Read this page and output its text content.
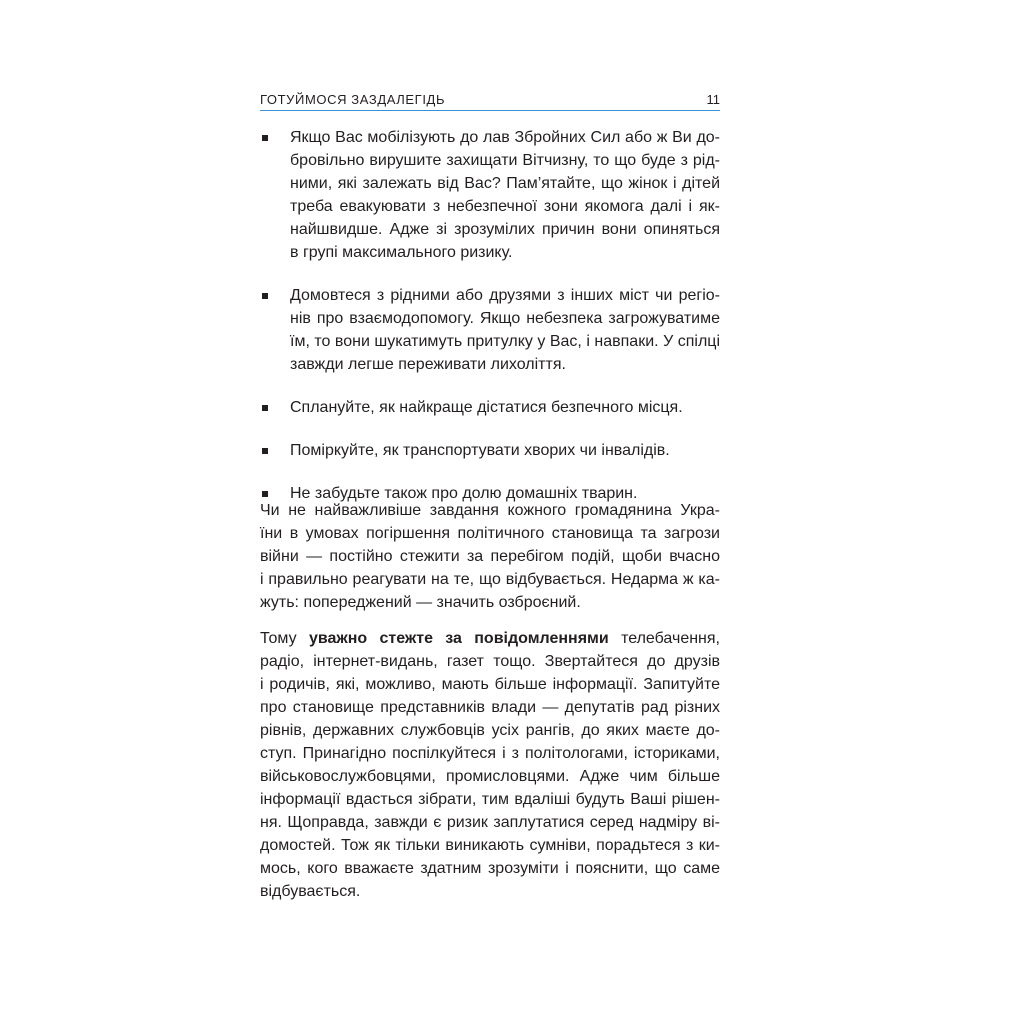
ГОТУЙМОСЯ ЗАЗДАЛЕГІДЬ	11
Якщо Вас мобілізують до лав Збройних Сил або ж Ви до-
бровільно вирушите захищати Вітчизну, то що буде з рід-
ними, які залежать від Вас? Пам’ятайте, що жінок і дітей
треба евакуювати з небезпечної зони якомога далі і як-
найшвидше. Адже зі зрозумілих причин вони опиняться
в групі максимального ризику.
Домовтеся з рідними або друзями з інших міст чи регіо-
нів про взаємодопомогу. Якщо небезпека загрожуватиме
їм, то вони шукатимуть притулку у Вас, і навпаки. У спілці
завжди легше переживати лихоліття.
Сплануйте, як найкраще дістатися безпечного місця.
Поміркуйте, як транспортувати хворих чи інвалідів.
Не забудьте також про долю домашніх тварин.
Чи не найважливіше завдання кожного громадянина Укра-
їни в умовах погіршення політичного становища та загрози
війни — постійно стежити за перебігом подій, щоби вчасно
і правильно реагувати на те, що відбувається. Недарма ж ка-
жуть: попереджений — значить озброєний.
Тому уважно стежте за повідомленнями телебачення,
радіо, інтернет-видань, газет тощо. Звертайтеся до друзів
і родичів, які, можливо, мають більше інформації. Запитуйте
про становище представників влади — депутатів рад різних
рівнів, державних службовців усіх рангів, до яких маєте до-
ступ. Принагідно поспілкуйтеся і з політологами, істориками,
військовослужбовцями, промисловцями. Адже чим більше
інформації вдасться зібрати, тим вдаліші будуть Ваші рішен-
ня. Щоправда, завжди є ризик заплутатися серед надміру ві-
домостей. Тож як тільки виникають сумніви, порадьтеся з ки-
мось, кого вважаєте здатним зрозуміти і пояснити, що саме
відбувається.
